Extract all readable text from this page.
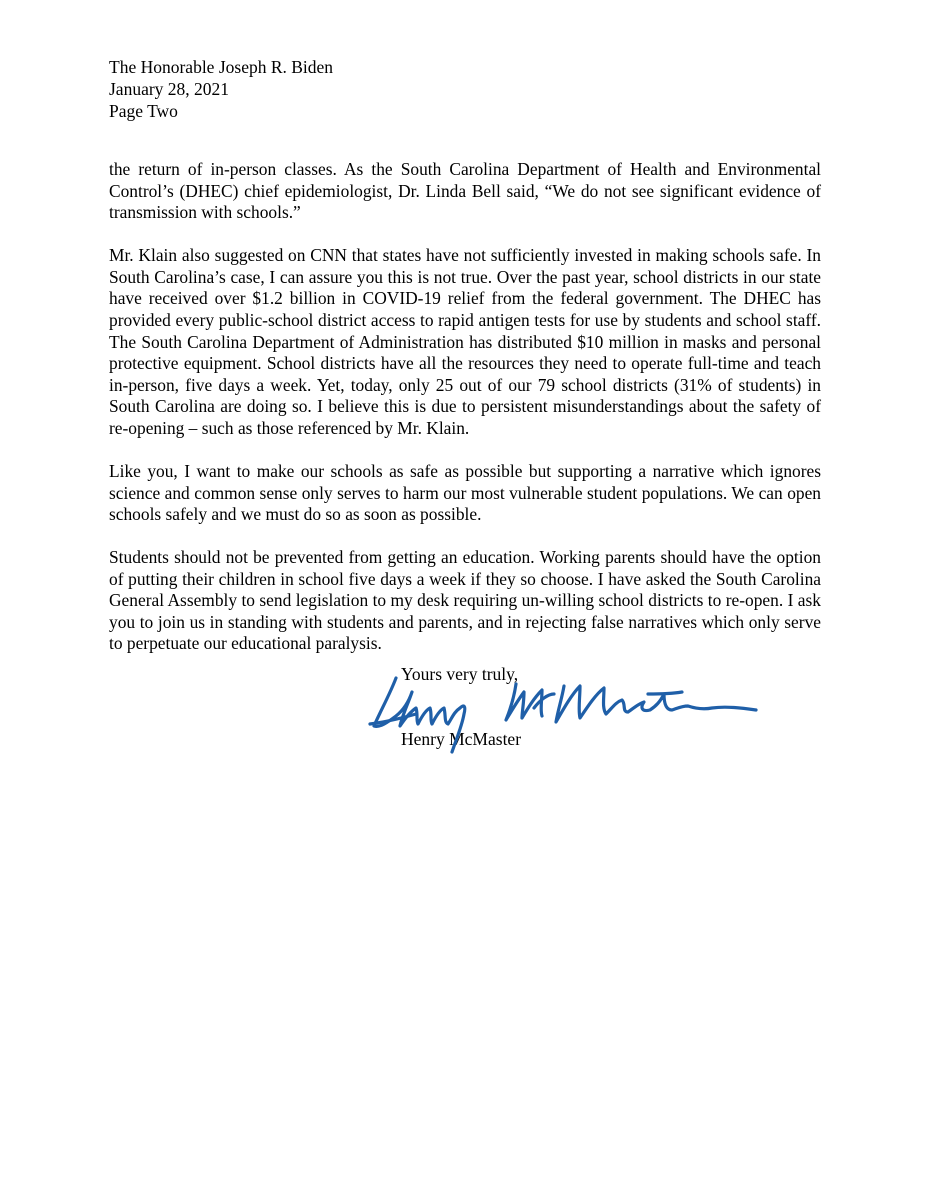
The Honorable Joseph R. Biden
January 28, 2021
Page Two

the return of in-person classes. As the South Carolina Department of Health and Environmental Control’s (DHEC) chief epidemiologist, Dr. Linda Bell said, “We do not see significant evidence of transmission with schools.”

Mr. Klain also suggested on CNN that states have not sufficiently invested in making schools safe. In South Carolina’s case, I can assure you this is not true. Over the past year, school districts in our state have received over $1.2 billion in COVID-19 relief from the federal government. The DHEC has provided every public-school district access to rapid antigen tests for use by students and school staff. The South Carolina Department of Administration has distributed $10 million in masks and personal protective equipment. School districts have all the resources they need to operate full-time and teach in-person, five days a week. Yet, today, only 25 out of our 79 school districts (31% of students) in South Carolina are doing so. I believe this is due to persistent misunderstandings about the safety of re-opening – such as those referenced by Mr. Klain.

Like you, I want to make our schools as safe as possible but supporting a narrative which ignores science and common sense only serves to harm our most vulnerable student populations. We can open schools safely and we must do so as soon as possible.

Students should not be prevented from getting an education. Working parents should have the option of putting their children in school five days a week if they so choose. I have asked the South Carolina General Assembly to send legislation to my desk requiring un-willing school districts to re-open. I ask you to join us in standing with students and parents, and in rejecting false narratives which only serve to perpetuate our educational paralysis.

Yours very truly,
Henry McMaster
